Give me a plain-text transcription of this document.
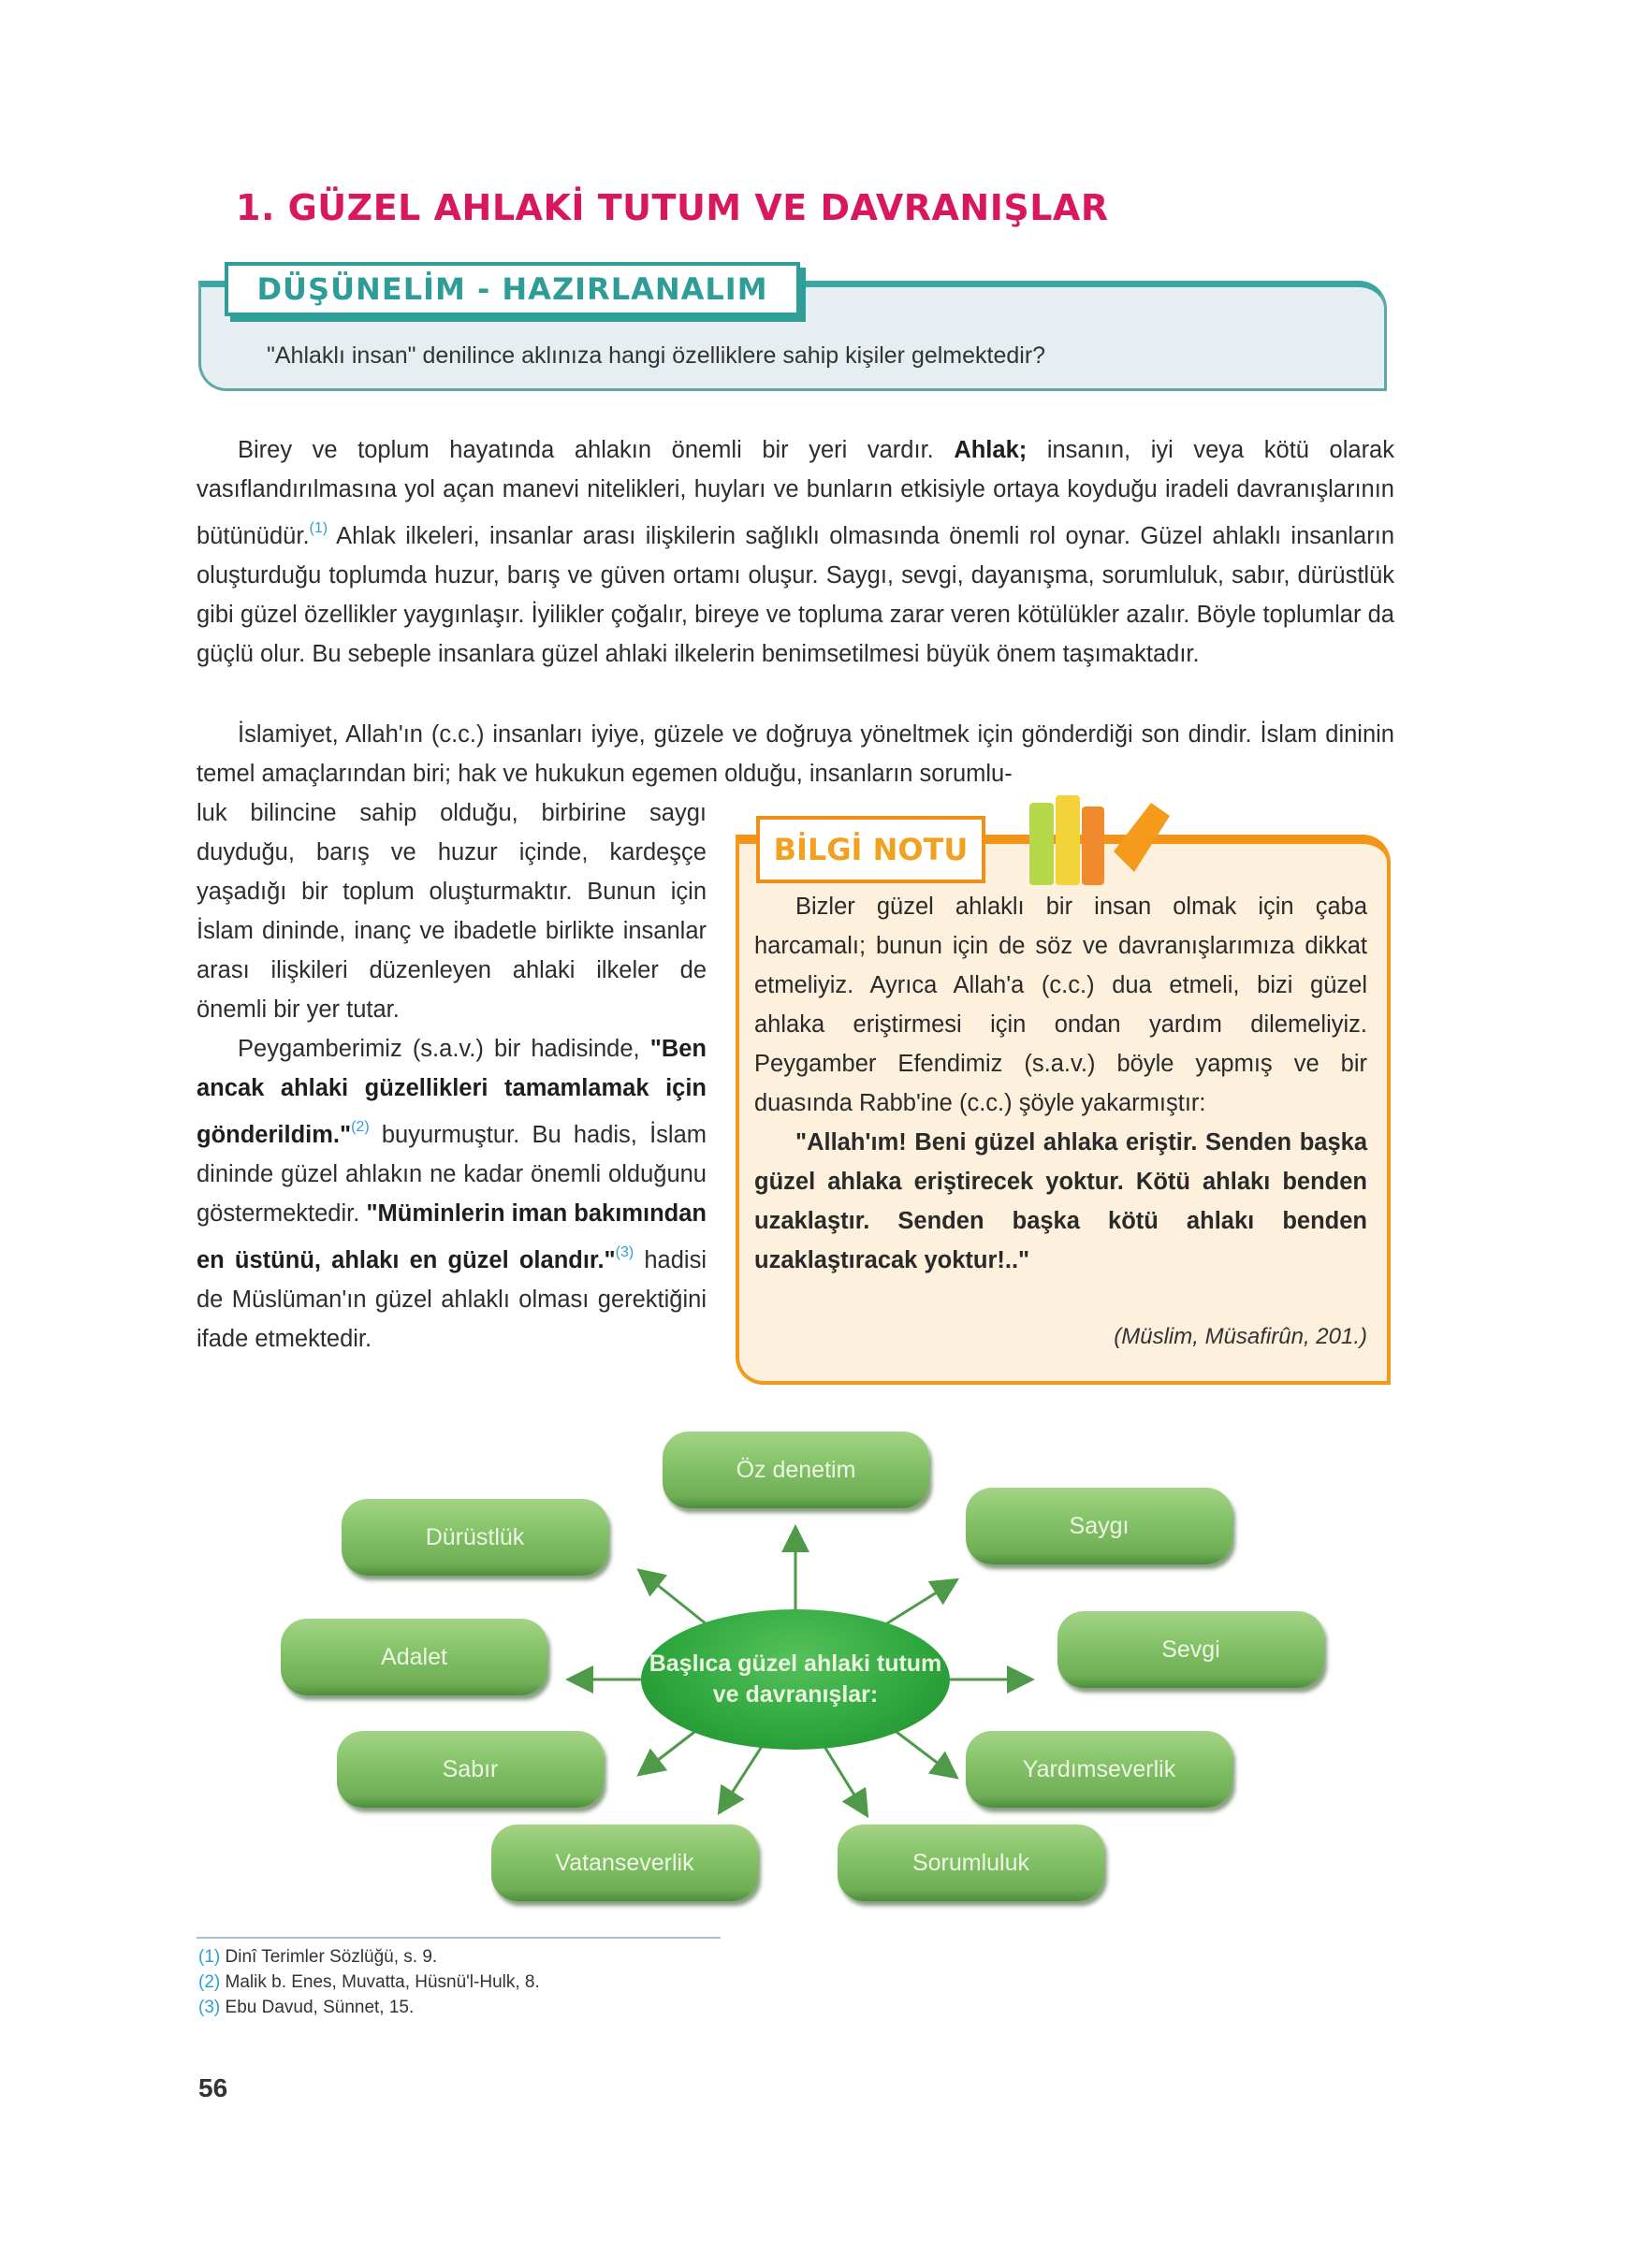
1. GÜZEL AHLAKİ TUTUM VE DAVRANIŞLAR
DÜŞÜNELİM - HAZIRLANALIM
"Ahlaklı insan" denilince aklınıza hangi özelliklere sahip kişiler gelmektedir?
Birey ve toplum hayatında ahlakın önemli bir yeri vardır. Ahlak; insanın, iyi veya kötü olarak vasıflandırılmasına yol açan manevi nitelikleri, huyları ve bunların etkisiyle ortaya koyduğu iradeli davranışlarının bütünüdür.$^{(1)}$ Ahlak ilkeleri, insanlar arası ilişkilerin sağlıklı olmasında önemli rol oynar. Güzel ahlaklı insanların oluşturduğu toplumda huzur, barış ve güven ortamı oluşur. Saygı, sevgi, dayanışma, sorumluluk, sabır, dürüstlük gibi güzel özellikler yaygınlaşır. İyilikler çoğalır, bireye ve topluma zarar veren kötülükler azalır. Böyle toplumlar da güçlü olur. Bu sebeple insanlara güzel ahlaki ilkelerin benimsetilmesi büyük önem taşımaktadır.
İslamiyet, Allah'ın (c.c.) insanları iyiye, güzele ve doğruya yöneltmek için gönderdiği son dindir. İslam dininin temel amaçlarından biri; hak ve hukukun egemen olduğu, insanların sorumlu-
luk bilincine sahip olduğu, birbirine saygı duyduğu, barış ve huzur içinde, kardeşçe yaşadığı bir toplum oluşturmaktır. Bunun için İslam dininde, inanç ve ibadetle birlikte insanlar arası ilişkileri düzenleyen ahlaki ilkeler de önemli bir yer tutar.
Peygamberimiz (s.a.v.) bir hadisinde, "Ben ancak ahlaki güzellikleri tamamlamak için gönderildim."$^{(2)}$ buyurmuştur. Bu hadis, İslam dininde güzel ahlakın ne kadar önemli olduğunu göstermektedir. "Müminlerin iman bakımından en üstünü, ahlakı en güzel olandır."$^{(3)}$ hadisi de Müslüman'ın güzel ahlaklı olması gerektiğini ifade etmektedir.
BİLGİ NOTU
Bizler güzel ahlaklı bir insan olmak için çaba harcamalı; bunun için de söz ve davranışlarımıza dikkat etmeliyiz. Ayrıca Allah'a (c.c.) dua etmeli, bizi güzel ahlaka eriştirmesi için ondan yardım dilemeliyiz. Peygamber Efendimiz (s.a.v.) böyle yapmış ve bir duasında Rabb'ine (c.c.) şöyle yakarmıştır:
"Allah'ım! Beni güzel ahlaka eriştir. Senden başka güzel ahlaka eriştirecek yoktur. Kötü ahlakı benden uzaklaştır. Senden başka kötü ahlakı benden uzaklaştıracak yoktur!.."
(Müslim, Müsafirûn, 201.)
Öz denetim
Saygı
Sevgi
Yardımseverlik
Sorumluluk
Vatanseverlik
Sabır
Adalet
Dürüstlük
Başlıca güzel ahlaki tutum ve davranışlar:
(1) Dinî Terimler Sözlüğü, s. 9.
(2) Malik b. Enes, Muvatta, Hüsnü'l-Hulk, 8.
(3) Ebu Davud, Sünnet, 15.
56
